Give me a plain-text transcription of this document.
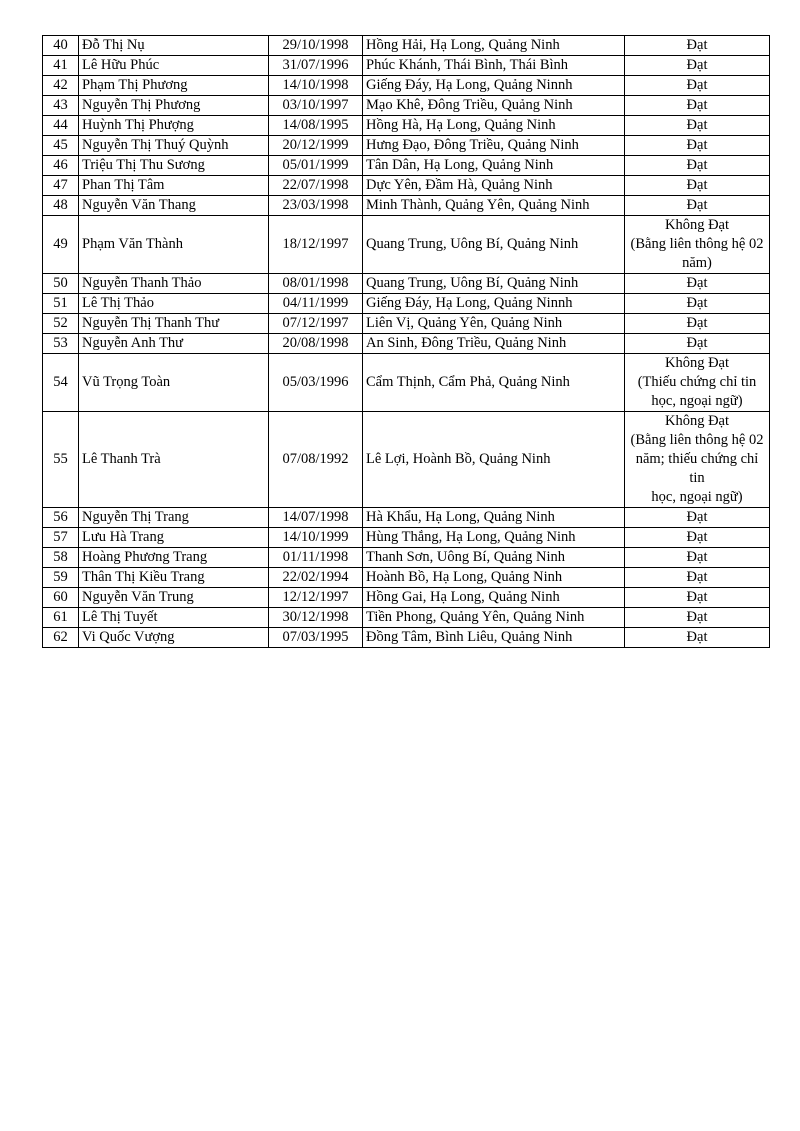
40	Đỗ Thị Nụ	29/10/1998	Hồng Hải, Hạ Long, Quảng Ninh	Đạt

41	Lê Hữu Phúc	31/07/1996	Phúc Khánh, Thái Bình, Thái Bình	Đạt

42	Phạm Thị Phương	14/10/1998	Giếng Đáy, Hạ Long, Quảng Ninnh	Đạt

43	Nguyễn Thị Phương	03/10/1997	Mạo Khê, Đông Triều, Quảng Ninh	Đạt

44	Huỳnh Thị Phượng	14/08/1995	Hồng Hà, Hạ Long, Quảng Ninh	Đạt

45	Nguyễn Thị Thuý Quỳnh	20/12/1999	Hưng Đạo, Đông Triều, Quảng Ninh	Đạt

46	Triệu Thị Thu Sương	05/01/1999	Tân Dân, Hạ Long, Quảng Ninh	Đạt

47	Phan Thị Tâm	22/07/1998	Dực Yên, Đầm Hà, Quảng Ninh	Đạt

48	Nguyễn Văn Thang	23/03/1998	Minh Thành, Quảng Yên, Quảng Ninh	Đạt

49	Phạm Văn Thành	18/12/1997	Quang Trung, Uông Bí, Quảng Ninh	Không Đạt
(Bằng liên thông hệ 02
năm)

50	Nguyễn Thanh Thảo	08/01/1998	Quang Trung, Uông Bí, Quảng Ninh	Đạt

51	Lê Thị Thảo	04/11/1999	Giếng Đáy, Hạ Long, Quảng Ninnh	Đạt

52	Nguyễn Thị Thanh Thư	07/12/1997	Liên Vị, Quảng Yên, Quảng Ninh	Đạt

53	Nguyễn Anh Thư	20/08/1998	An Sinh, Đông Triều, Quảng Ninh	Đạt

54	Vũ Trọng Toàn	05/03/1996	Cẩm Thịnh, Cẩm Phả, Quảng Ninh	Không Đạt
(Thiếu chứng chỉ tin
học, ngoại ngữ)

55	Lê Thanh Trà	07/08/1992	Lê Lợi, Hoành Bồ, Quảng Ninh	Không Đạt
(Bằng liên thông hệ 02
năm; thiếu chứng chỉ tin
học, ngoại ngữ)

56	Nguyễn Thị Trang	14/07/1998	Hà Khẩu, Hạ Long, Quảng Ninh	Đạt

57	Lưu Hà Trang	14/10/1999	Hùng Thắng, Hạ Long, Quảng Ninh	Đạt

58	Hoàng Phương Trang	01/11/1998	Thanh Sơn, Uông Bí, Quảng Ninh	Đạt

59	Thân Thị Kiều Trang	22/02/1994	Hoành Bồ, Hạ Long, Quảng Ninh	Đạt

60	Nguyễn Văn Trung	12/12/1997	Hồng Gai, Hạ Long, Quảng Ninh	Đạt

61	Lê Thị Tuyết	30/12/1998	Tiền Phong, Quảng Yên, Quảng Ninh	Đạt

62	Vi Quốc Vượng	07/03/1995	Đồng Tâm, Bình Liêu, Quảng Ninh	Đạt
